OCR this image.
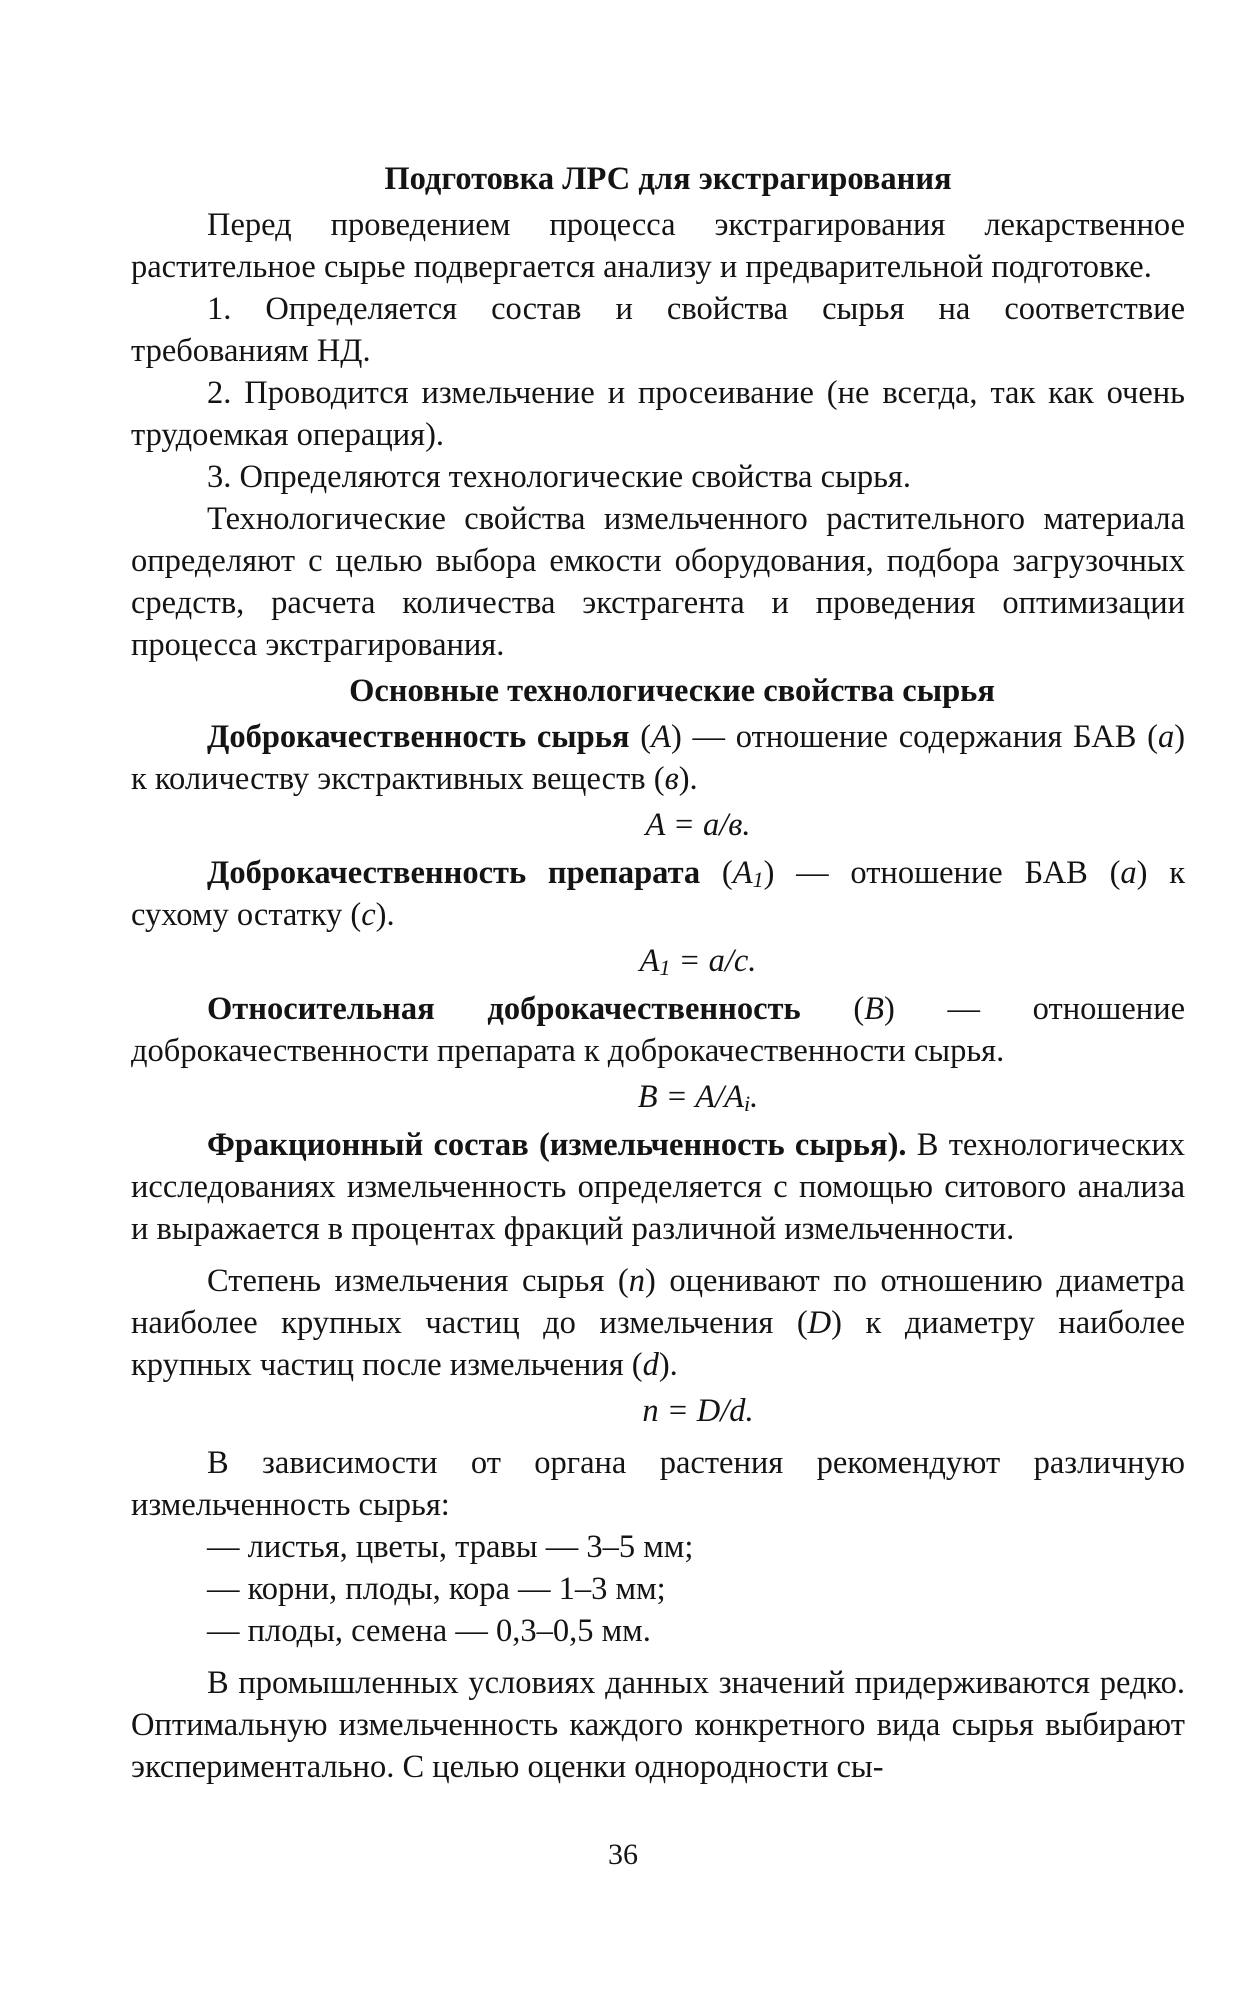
Подготовка ЛРС для экстрагирования

Перед проведением процесса экстрагирования лекарственное растительное сырье подвергается анализу и предварительной подготовке.

1. Определяется состав и свойства сырья на соответствие требованиям НД.

2. Проводится измельчение и просеивание (не всегда, так как очень трудоемкая операция).

3. Определяются технологические свойства сырья.

Технологические свойства измельченного растительного материала определяют с целью выбора емкости оборудования, подбора загрузочных средств, расчета количества экстрагента и проведения оптимизации процесса экстрагирования.

Основные технологические свойства сырья

Доброкачественность сырья (A) — отношение содержания БАВ (a) к количеству экстрактивных веществ (в).

A = a/в.

Доброкачественность препарата $(A_1)$ — отношение БАВ (a) к сухому остатку (c).

$A_1 = a/c$.

Относительная доброкачественность (B) — отношение доброкачественности препарата к доброкачественности сырья.

$B = A/A_i$.

Фракционный состав (измельченность сырья). В технологических исследованиях измельченность определяется с помощью ситового анализа и выражается в процентах фракций различной измельченности.

Степень измельчения сырья (n) оценивают по отношению диаметра наиболее крупных частиц до измельчения (D) к диаметру наиболее крупных частиц после измельчения (d).

n = D/d.

В зависимости от органа растения рекомендуют различную измельченность сырья:

— листья, цветы, травы — 3–5 мм;

— корни, плоды, кора — 1–3 мм;

— плоды, семена — 0,3–0,5 мм.

В промышленных условиях данных значений придерживаются редко. Оптимальную измельченность каждого конкретного вида сырья выбирают экспериментально. С целью оценки однородности сы-

36
